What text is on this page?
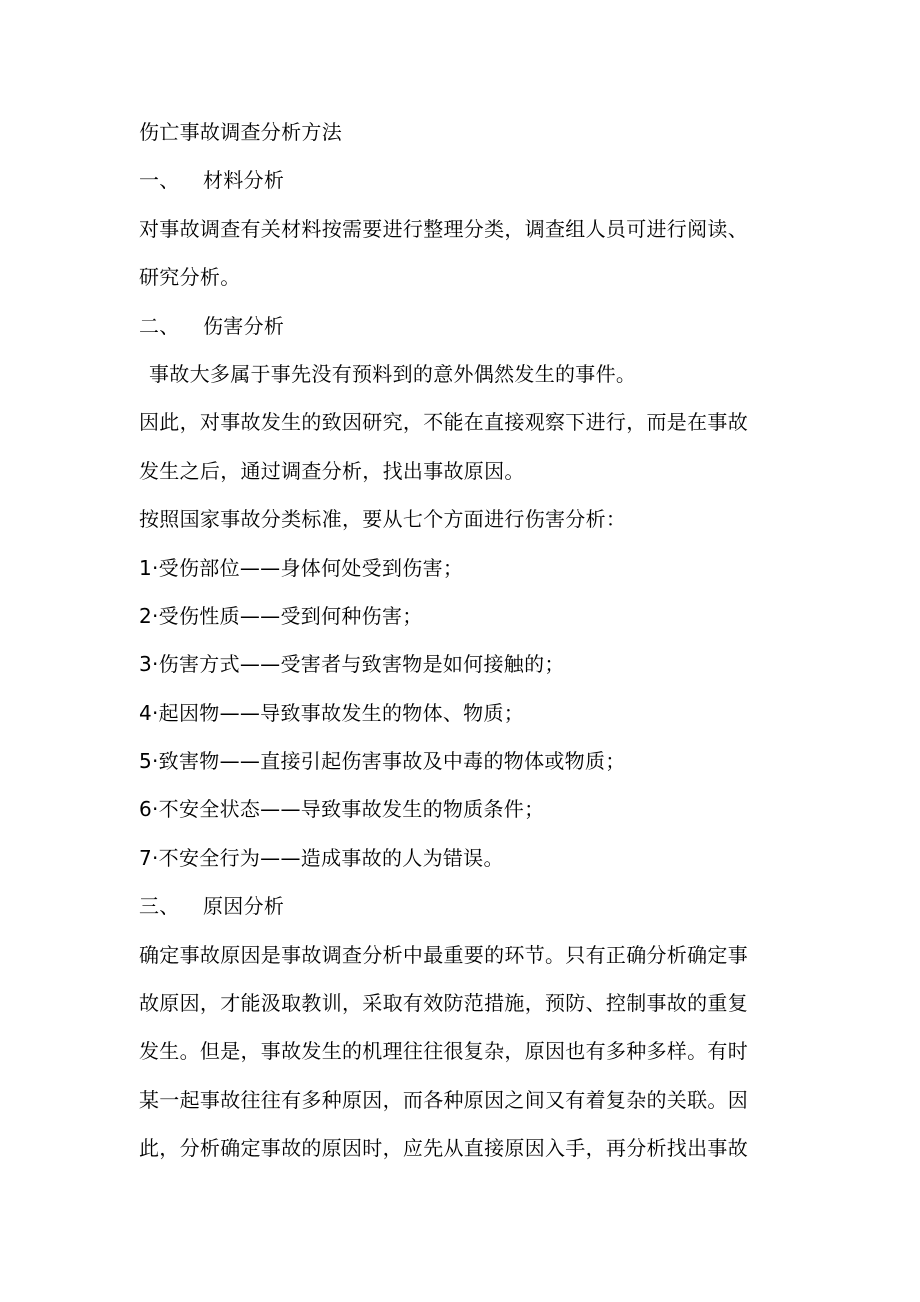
伤亡事故调查分析方法
一、 材料分析
对事故调查有关材料按需要进行整理分类，调查组人员可进行阅读、
研究分析。
二、 伤害分析
事故大多属于事先没有预料到的意外偶然发生的事件。
因此，对事故发生的致因研究，不能在直接观察下进行，而是在事故
发生之后，通过调查分析，找出事故原因。
按照国家事故分类标准，要从七个方面进行伤害分析：
1·受伤部位——身体何处受到伤害；
2·受伤性质——受到何种伤害；
3·伤害方式——受害者与致害物是如何接触的；
4·起因物——导致事故发生的物体、物质；
5·致害物——直接引起伤害事故及中毒的物体或物质；
6·不安全状态——导致事故发生的物质条件；
7·不安全行为——造成事故的人为错误。
三、 原因分析
确定事故原因是事故调查分析中最重要的环节。只有正确分析确定事
故原因，才能汲取教训，采取有效防范措施，预防、控制事故的重复
发生。但是，事故发生的机理往往很复杂，原因也有多种多样。有时
某一起事故往往有多种原因，而各种原因之间又有着复杂的关联。因
此，分析确定事故的原因时，应先从直接原因入手，再分析找出事故
